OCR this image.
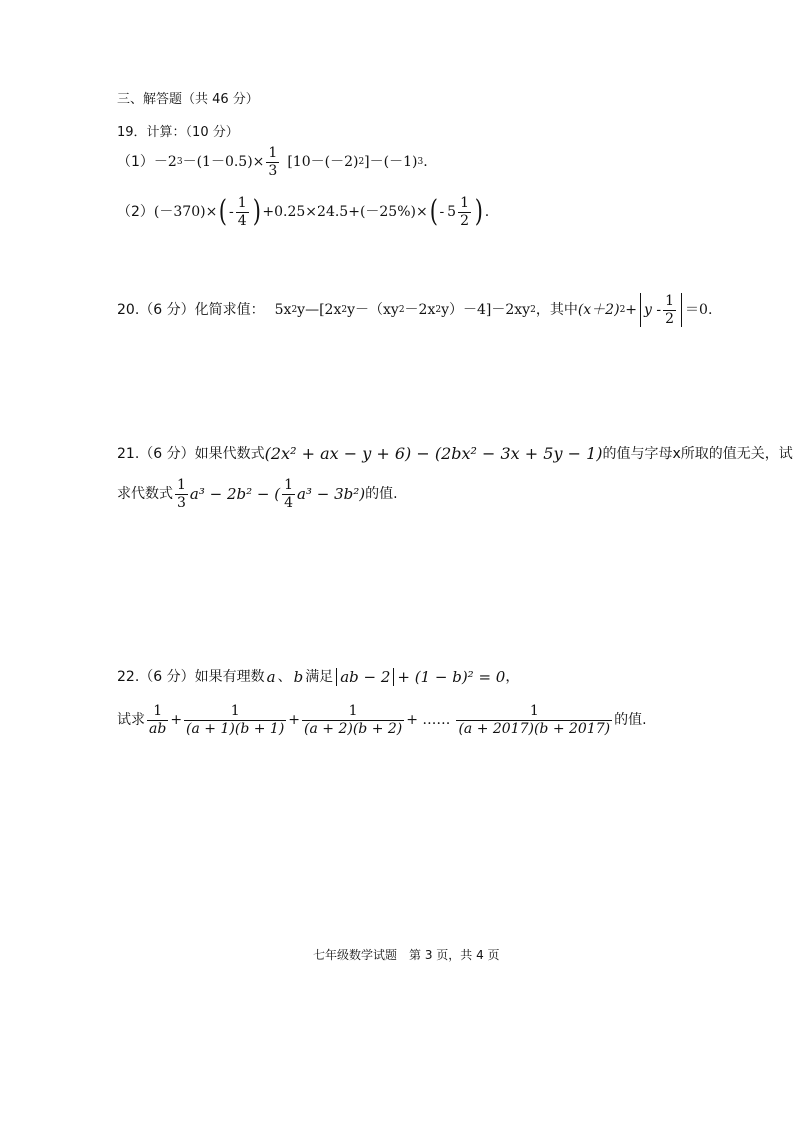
三、解答题（共 46 分）
19．计算：（10 分）
（1） －2 $3 -(1-0.5)\times \frac{1}{3} [10-(-2)$ 2 ]－(－1) 3 .
（2） (－370)× ( - $\frac{1}{4}$ ) +0.25×24.5+(－25%)× ( - $5 \frac{1}{2}$ ) .
20.（6 分）化简求值： 5x 2 y—[2x 2 y－（xy 2 －2x 2 y）－4]－2xy 2 ，其中 (x＋2) $2 + y - \frac{1}{2} =0$.
21.（6 分）如果代数式 (2x² + ax − y + 6) − (2bx² − 3x + 5y − 1) 的值与字母x所取的值无关，试
求代数式 $\frac{1}{3} a^3 - 2b^2$ − ( $\frac{1}{4} a^3 - 3b^2$) 的值.
22.（6 分）如果有理数 a 、 b 满足 ab − 2 + (1 − b)² = 0 ，
试求 $\frac{1}{ab} + \frac{1}{(a + 1)(b + 1)} + \frac{1}{(a + 2)(b + 2)}$ + …… $\frac{1}{(a + 2017)(b + 2017)}$ 的值.
七年级数学试题　第 3 页，共 4 页
